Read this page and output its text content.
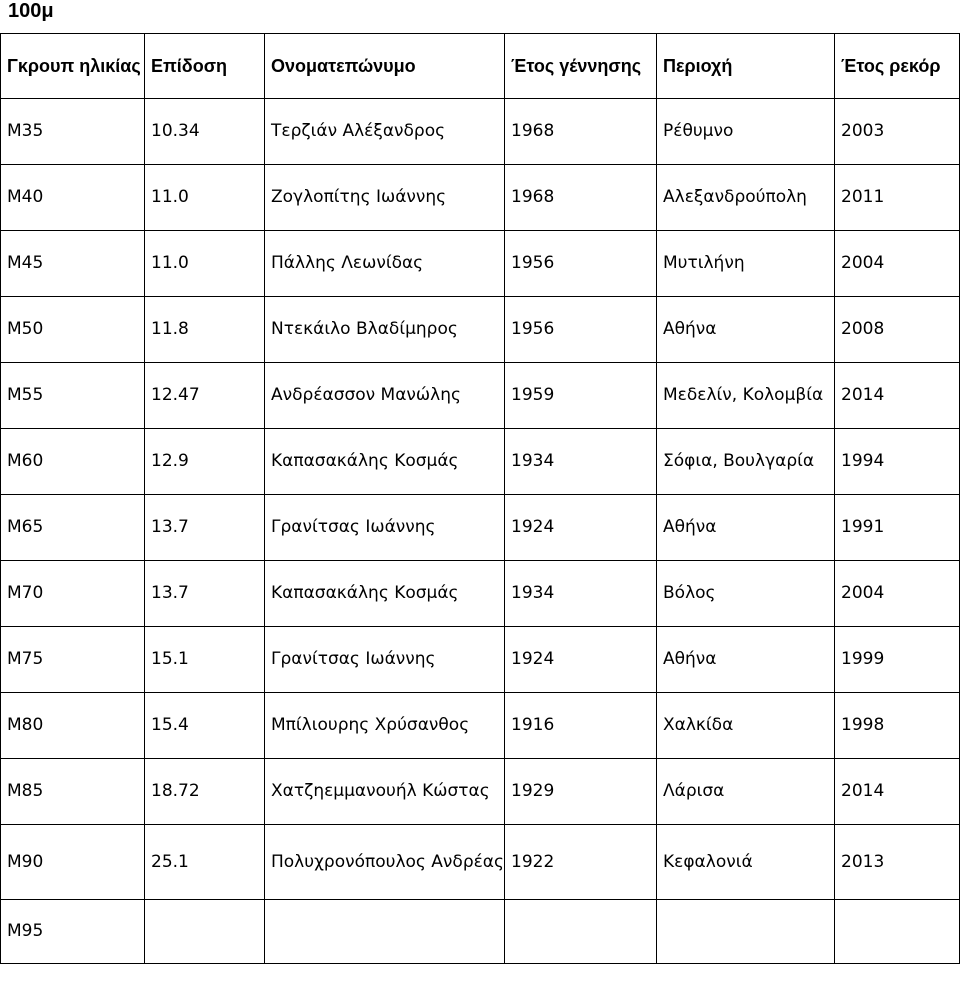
100μ
Γκρουπ ηλικίας	Επίδοση	Ονοματεπώνυμο	Έτος γέννησης	Περιοχή	Έτος ρεκόρ
Μ35	10.34	Τερζιάν Αλέξανδρος	1968	Ρέθυμνο	2003
Μ40	11.0	Ζογλοπίτης Ιωάννης	1968	Αλεξανδρούπολη	2011
Μ45	11.0	Πάλλης Λεωνίδας	1956	Μυτιλήνη	2004
Μ50	11.8	Ντεκάιλο Βλαδίμηρος	1956	Αθήνα	2008
Μ55	12.47	Ανδρέασσον Μανώλης	1959	Μεδελίν, Κολομβία	2014
Μ60	12.9	Καπασακάλης Κοσμάς	1934	Σόφια, Βουλγαρία	1994
Μ65	13.7	Γρανίτσας Ιωάννης	1924	Αθήνα	1991
Μ70	13.7	Καπασακάλης Κοσμάς	1934	Βόλος	2004
Μ75	15.1	Γρανίτσας Ιωάννης	1924	Αθήνα	1999
Μ80	15.4	Μπίλιουρης Χρύσανθος	1916	Χαλκίδα	1998
Μ85	18.72	Χατζηεμμανουήλ Κώστας	1929	Λάρισα	2014
Μ90	25.1	Πολυχρονόπουλος Ανδρέας	1922	Κεφαλονιά	2013
Μ95					
